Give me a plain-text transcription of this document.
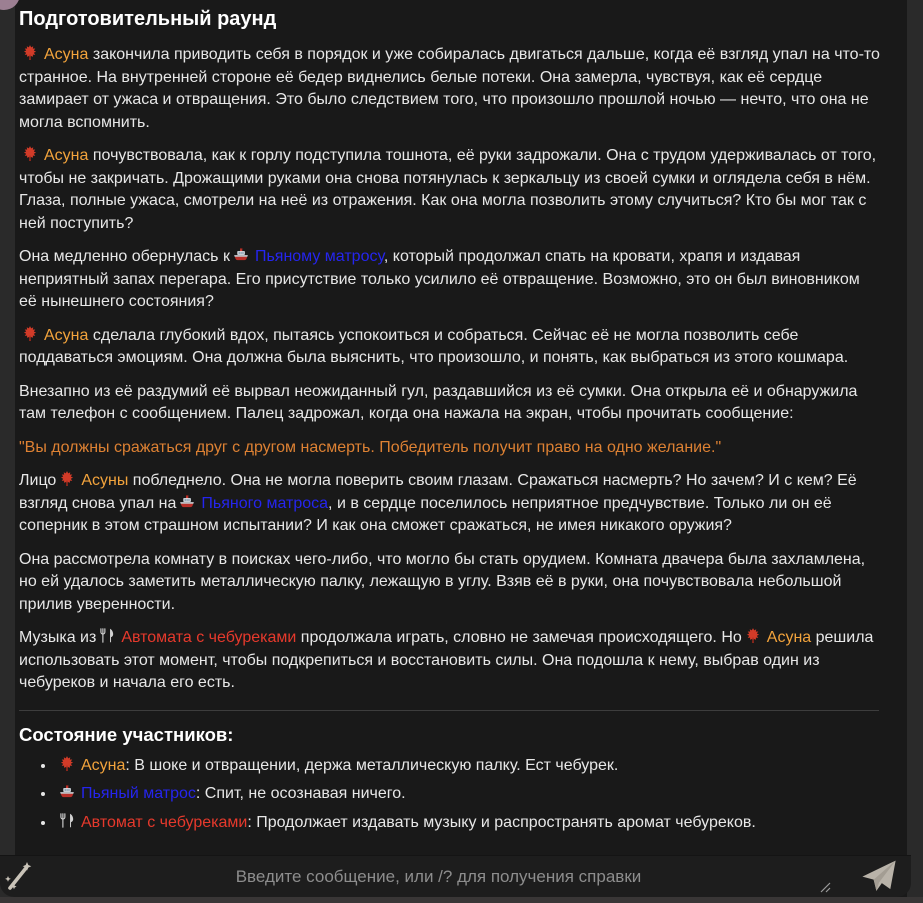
Подготовительный раунд

Асуна закончила приводить себя в порядок и уже собиралась двигаться дальше, когда её взгляд упал на что-то странное. На внутренней стороне её бедер виднелись белые потеки. Она замерла, чувствуя, как её сердце замирает от ужаса и отвращения. Это было следствием того, что произошло прошлой ночью — нечто, что она не могла вспомнить.

Асуна почувствовала, как к горлу подступила тошнота, её руки задрожали. Она с трудом удерживалась от того, чтобы не закричать. Дрожащими руками она снова потянулась к зеркальцу из своей сумки и оглядела себя в нём. Глаза, полные ужаса, смотрели на неё из отражения. Как она могла позволить этому случиться? Кто бы мог так с ней поступить?

Она медленно обернулась к Пьяному матросу, который продолжал спать на кровати, храпя и издавая неприятный запах перегара. Его присутствие только усилило её отвращение. Возможно, это он был виновником её нынешнего состояния?

Асуна сделала глубокий вдох, пытаясь успокоиться и собраться. Сейчас её не могла позволить себе поддаваться эмоциям. Она должна была выяснить, что произошло, и понять, как выбраться из этого кошмара.

Внезапно из её раздумий её вырвал неожиданный гул, раздавшийся из её сумки. Она открыла её и обнаружила там телефон с сообщением. Палец задрожал, когда она нажала на экран, чтобы прочитать сообщение:

"Вы должны сражаться друг с другом насмерть. Победитель получит право на одно желание."

Лицо Асуны побледнело. Она не могла поверить своим глазам. Сражаться насмерть? Но зачем? И с кем? Её взгляд снова упал на Пьяного матроса, и в сердце поселилось неприятное предчувствие. Только ли он её соперник в этом страшном испытании? И как она сможет сражаться, не имея никакого оружия?

Она рассмотрела комнату в поисках чего-либо, что могло бы стать орудием. Комната двачера была захламлена, но ей удалось заметить металлическую палку, лежащую в углу. Взяв её в руки, она почувствовала небольшой прилив уверенности.

Музыка из Автомата с чебуреками продолжала играть, словно не замечая происходящего. Но Асуна решила использовать этот момент, чтобы подкрепиться и восстановить силы. Она подошла к нему, выбрав один из чебуреков и начала его есть.

Состояние участников:
• Асуна: В шоке и отвращении, держа металлическую палку. Ест чебурек.
• Пьяный матрос: Спит, не осознавая ничего.
• Автомат с чебуреками: Продолжает издавать музыку и распространять аромат чебуреков.
Введите сообщение, или /? для получения справки
